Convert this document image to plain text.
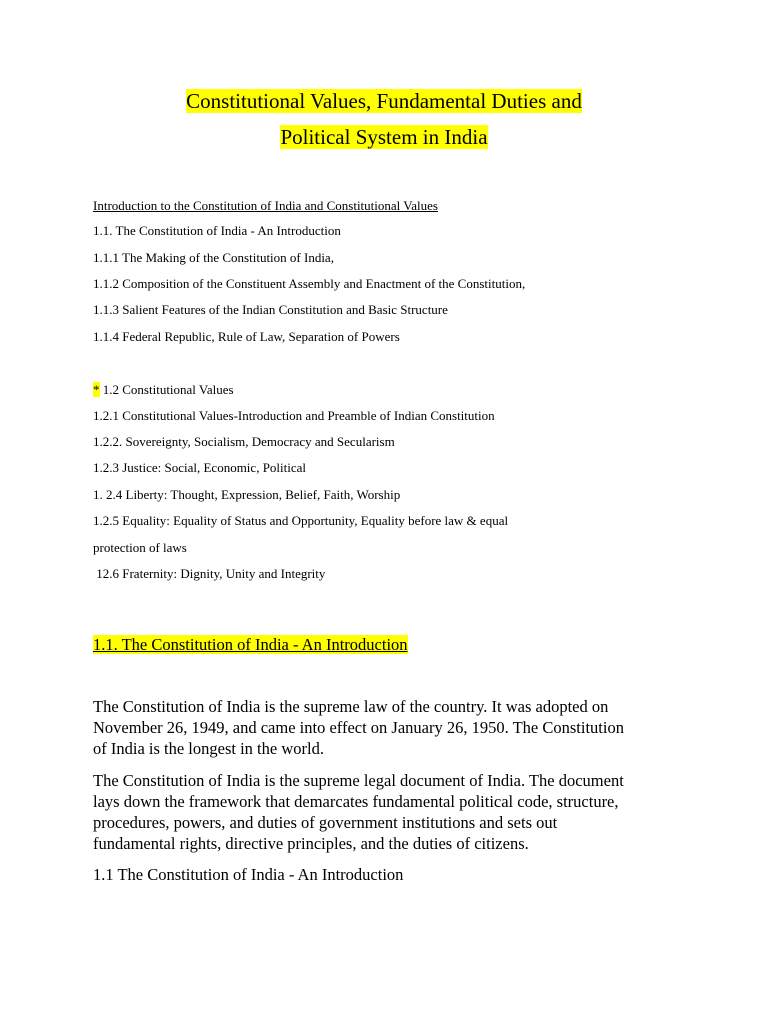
Constitutional Values, Fundamental Duties and
Political System in India
Introduction to the Constitution of India and Constitutional Values
1.1. The Constitution of India - An Introduction
1.1.1 The Making of the Constitution of India,
1.1.2 Composition of the Constituent Assembly and Enactment of the Constitution,
1.1.3 Salient Features of the Indian Constitution and Basic Structure
1.1.4 Federal Republic, Rule of Law, Separation of Powers
* 1.2 Constitutional Values
1.2.1 Constitutional Values-Introduction and Preamble of Indian Constitution
1.2.2. Sovereignty, Socialism, Democracy and Secularism
1.2.3 Justice: Social, Economic, Political
1. 2.4 Liberty: Thought, Expression, Belief, Faith, Worship
1.2.5 Equality: Equality of Status and Opportunity, Equality before law & equal
protection of laws
12.6 Fraternity: Dignity, Unity and Integrity
1.1. The Constitution of India - An Introduction
The Constitution of India is the supreme law of the country. It was adopted on
November 26, 1949, and came into effect on January 26, 1950. The Constitution
of India is the longest in the world.
The Constitution of India is the supreme legal document of India. The document
lays down the framework that demarcates fundamental political code, structure,
procedures, powers, and duties of government institutions and sets out
fundamental rights, directive principles, and the duties of citizens.
1.1 The Constitution of India - An Introduction
